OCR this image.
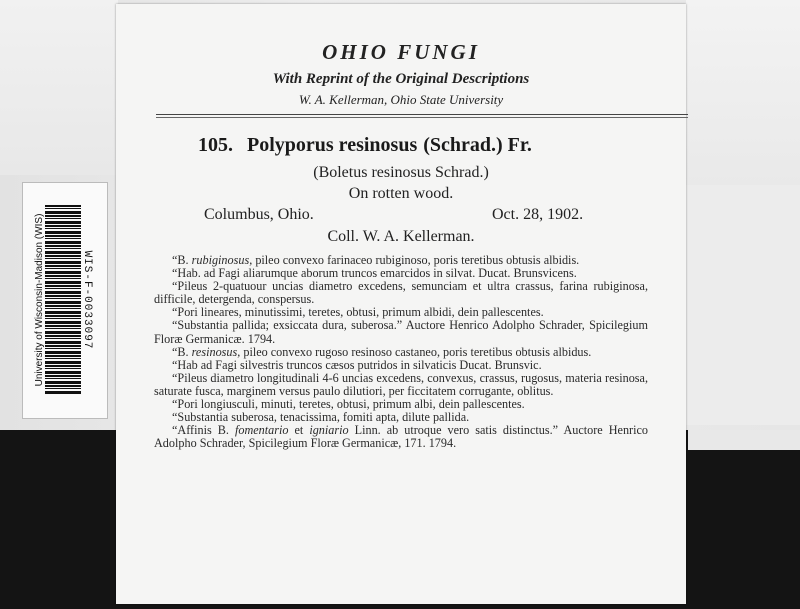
OHIO FUNGI
With Reprint of the Original Descriptions
W. A. Kellerman, Ohio State University
105. Polyporus resinosus (Schrad.) Fr.
(Boletus resinosus Schrad.)
On rotten wood.
Columbus, Ohio.	Oct. 28, 1902.
Coll. W. A. Kellerman.

“B. rubiginosus, pileo convexo farinaceo rubiginoso, poris teretibus obtusis albidis.

“Hab. ad Fagi aliarumque aborum truncos emarcidos in silvat. Ducat. Brunsvicens.

“Pileus 2-quatuour uncias diametro excedens, semunciam et ultra crassus, farina rubiginosa, difficile, detergenda, conspersus.

“Pori lineares, minutissimi, teretes, obtusi, primum albidi, dein pallescentes.

“Substantia pallida; exsiccata dura, suberosa.” Auctore Henrico Adolpho Schrader, Spicilegium Floræ Germanicæ. 1794.

“B. resinosus, pileo convexo rugoso resinoso castaneo, poris teretibus obtusis albidus.

“Hab ad Fagi silvestris truncos cæsos putridos in silvaticis Ducat. Brunsvic.

“Pileus diametro longitudinali 4-6 uncias excedens, convexus, crassus, rugosus, materia resinosa, saturate fusca, marginem versus paulo dilutiori, per ficcitatem corrugante, oblitus.

“Pori longiusculi, minuti, teretes, obtusi, primum albi, dein pallescentes.

“Substantia suberosa, tenacissima, fomiti apta, dilute pallida.

“Affinis B. fomentario et igniario Linn. ab utroque vero satis distinctus.” Auctore Henrico Adolpho Schrader, Spicilegium Floræ Germanicæ, 171. 1794.

University of Wisconsin-Madison (WIS)	WIS-F-0033097
